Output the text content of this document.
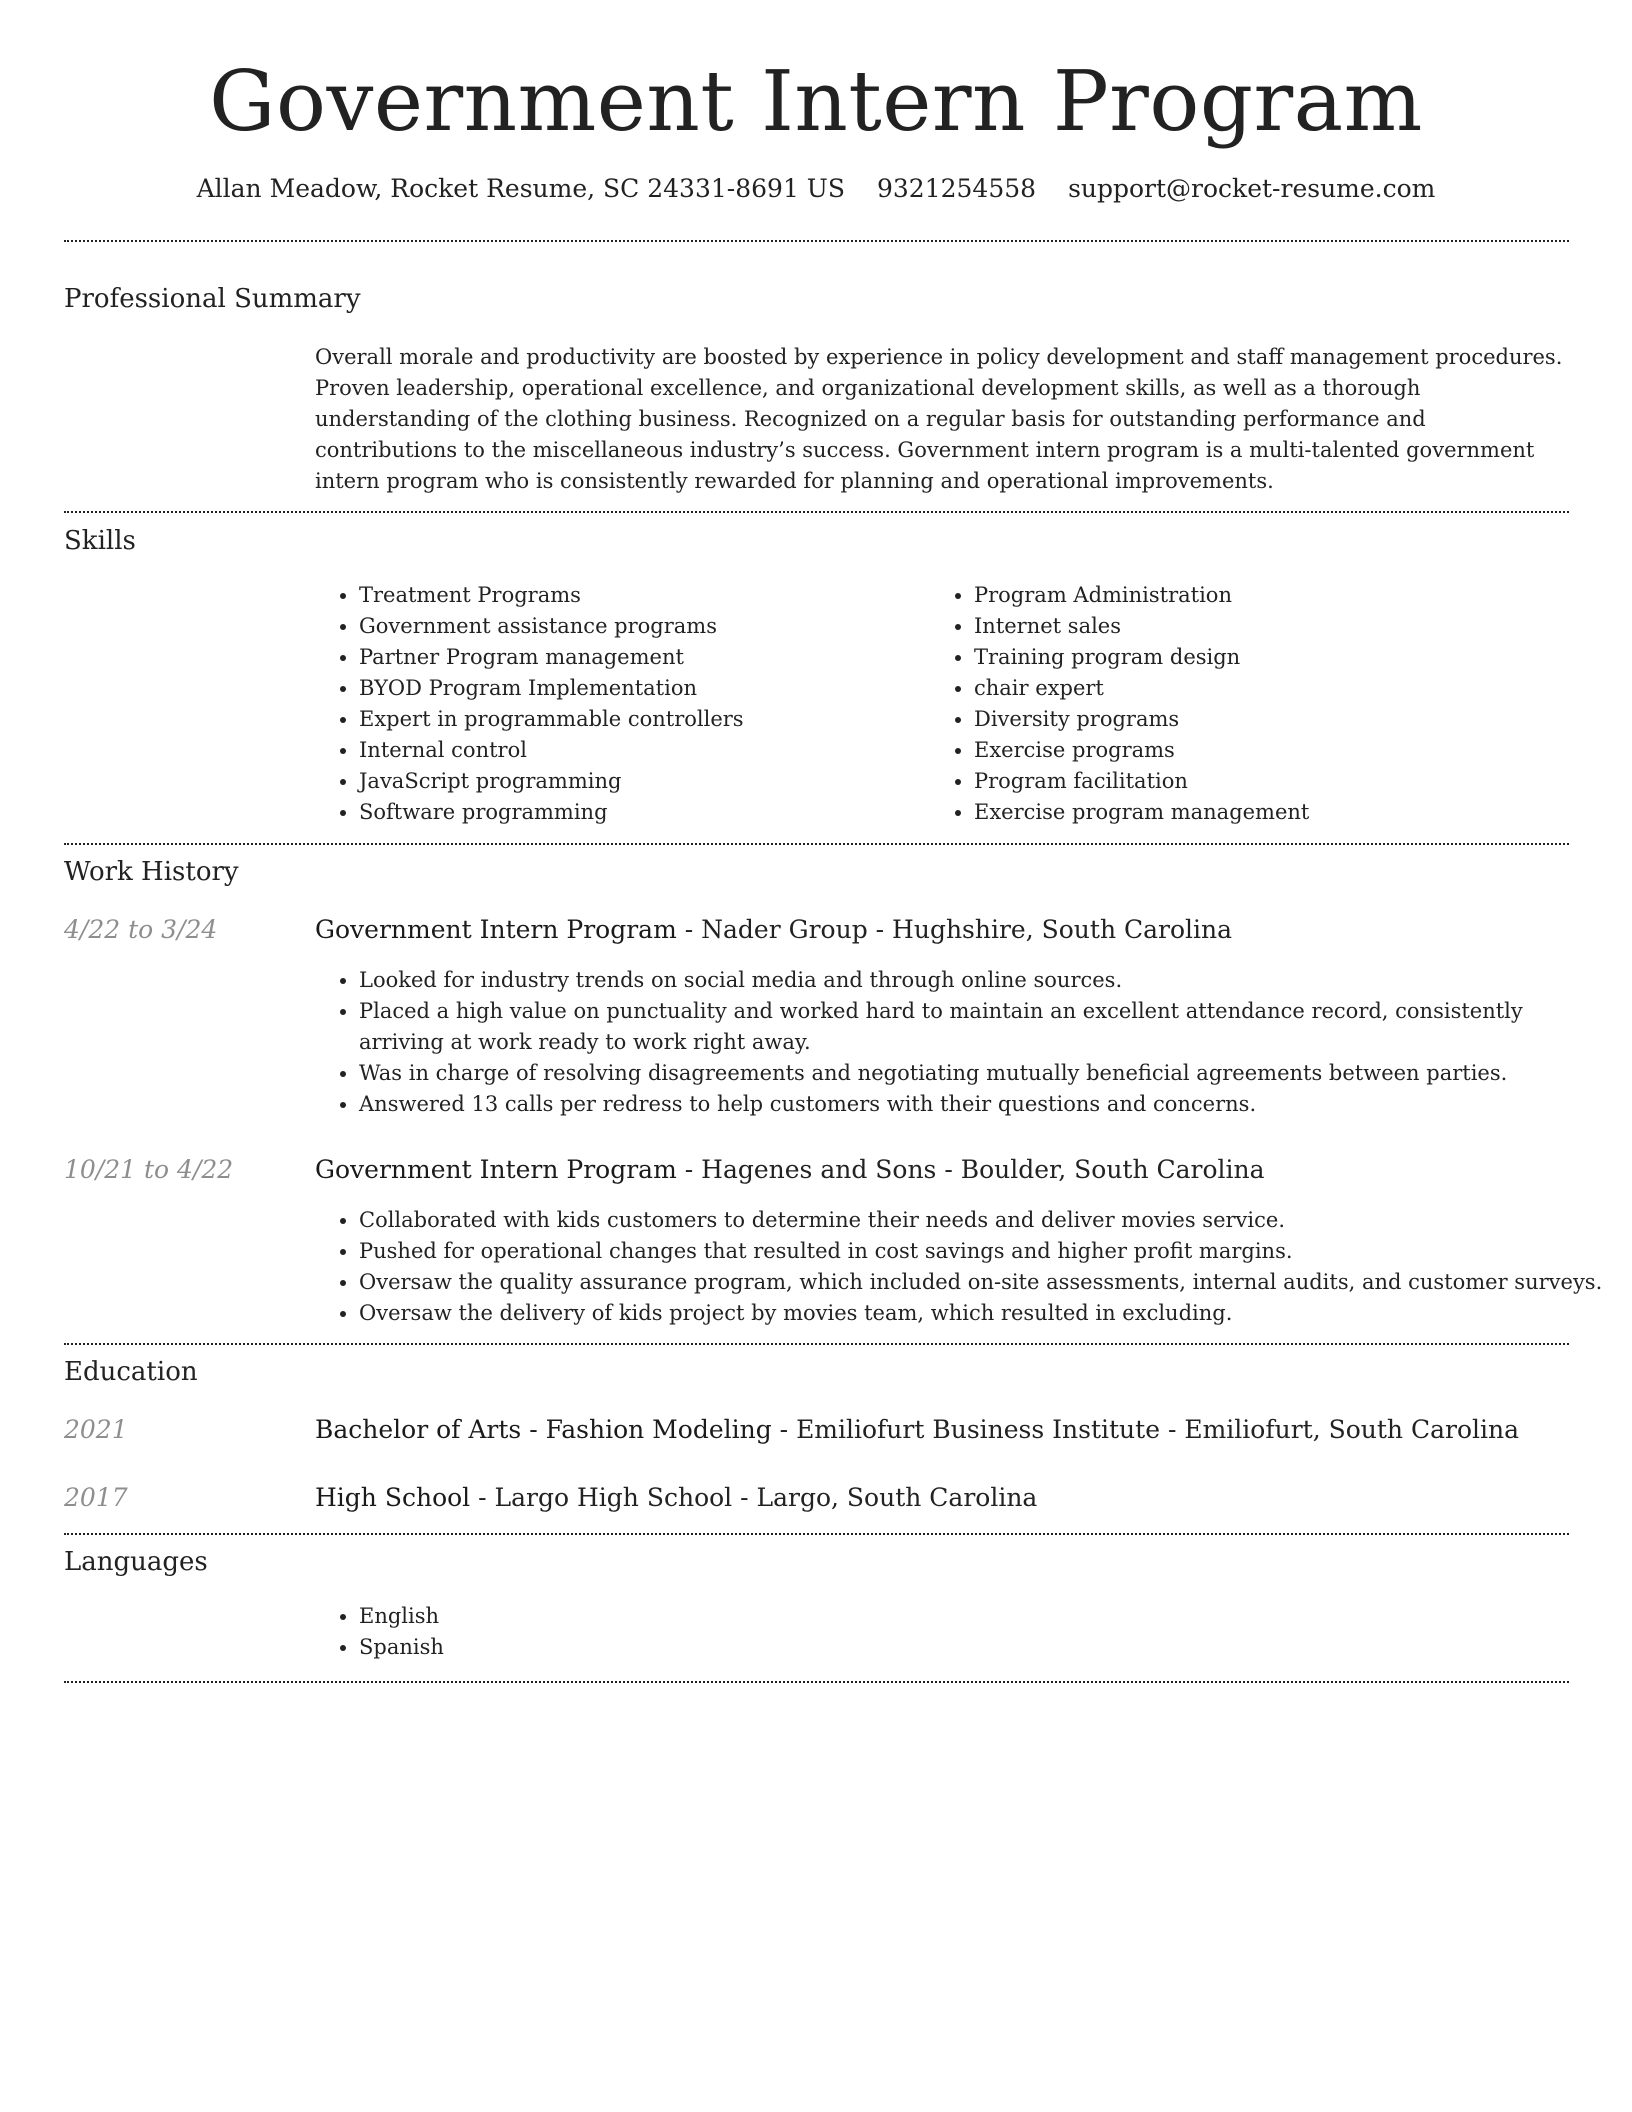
Government Intern Program
Allan Meadow, Rocket Resume, SC 24331-8691 US 9321254558 support@rocket-resume.com
Professional Summary
Overall morale and productivity are boosted by experience in policy development and staff management procedures. Proven leadership, operational excellence, and organizational development skills, as well as a thorough understanding of the clothing business. Recognized on a regular basis for outstanding performance and contributions to the miscellaneous industry’s success. Government intern program is a multi-talented government intern program who is consistently rewarded for planning and operational improvements.
Skills
• Treatment Programs
• Government assistance programs
• Partner Program management
• BYOD Program Implementation
• Expert in programmable controllers
• Internal control
• JavaScript programming
• Software programming
• Program Administration
• Internet sales
• Training program design
• chair expert
• Diversity programs
• Exercise programs
• Program facilitation
• Exercise program management
Work History
4/22 to 3/24	Government Intern Program - Nader Group - Hughshire, South Carolina
• Looked for industry trends on social media and through online sources.
• Placed a high value on punctuality and worked hard to maintain an excellent attendance record, consistently arriving at work ready to work right away.
• Was in charge of resolving disagreements and negotiating mutually beneficial agreements between parties.
• Answered 13 calls per redress to help customers with their questions and concerns.
10/21 to 4/22	Government Intern Program - Hagenes and Sons - Boulder, South Carolina
• Collaborated with kids customers to determine their needs and deliver movies service.
• Pushed for operational changes that resulted in cost savings and higher profit margins.
• Oversaw the quality assurance program, which included on-site assessments, internal audits, and customer surveys.
• Oversaw the delivery of kids project by movies team, which resulted in excluding.
Education
2021	Bachelor of Arts - Fashion Modeling - Emiliofurt Business Institute - Emiliofurt, South Carolina
2017	High School - Largo High School - Largo, South Carolina
Languages
• English
• Spanish
